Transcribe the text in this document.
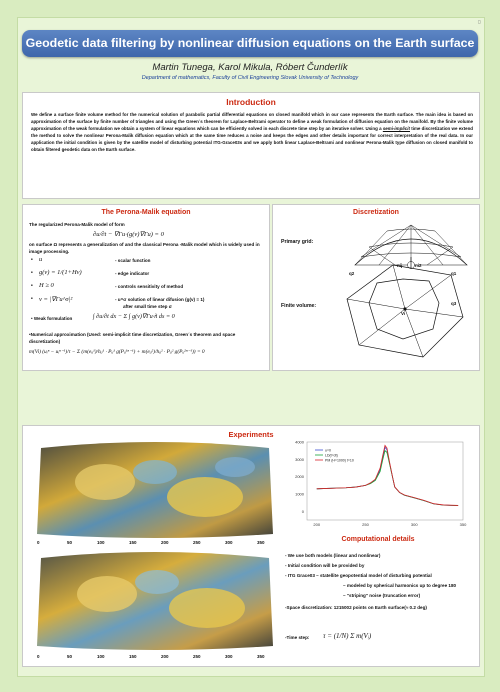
◻
Geodetic data filtering by nonlinear diffusion equations on the Earth surface
Martin Tunega, Karol Mikula, Róbert Čunderlík
Department of mathematics, Faculty of Civil Engineering Slovak University of Technology
Introduction
We define a surface finite volume method for the numerical solution of parabolic partial differential equations on closed manifold which in our case represents the Earth surface. The main idea is based on approximation of the surface by finite number of triangles and using the Green´s theorem for Laplace-Beltrami operator to define a weak formulation of diffusion equation on the manifold. By the finite volume approximation of the weak formulation we obtain a system of linear equations which can be efficiently solved in each discrete time step by an iterative solver. Using a semi-implicit time discretization we extend the method to solve the nonlinear Perona-Malik diffusion equation which at the same time reduces a noise and keeps the edges and other details important for correct interpretation of the real data. In our application the initial condition is given by the satellite model of disturbing potential ITG-Grace03s and we apply both linear Laplace-Beltrami and nonlinear Perona-Malik type diffusion on closed manifold to obtain filtered geodetic data on the Earth surface.
The Perona-Malik equation
The regularized Perona-Malik model of form
∂u/∂t − ∇Γu·(g(v)∇Γu) = 0
on surface Ω represents a generalization of and the classical Perona -Malik model which is widely used in image processing.
• u	- scalar function
• g(v) = 1/(1+Hv)	- edge indicator
• H ≥ 0	- controls sensitivity of method
• v = |∇Γu^σ|²	- u^σ solution of linear difusion (g(v) ≡ 1)
after small time step σ
• Weak formulation	∫ ∂u/∂t dx − Σ ∫ g(v)∇Γu·ñ ds = 0
•Numerical approximation (Used: semi-implicit time discretization, Green´s theorem and space discretization)
m(Vi) (uᵢⁿ − uᵢⁿ⁻¹)/τ − Σ (m(eᵢⱼ¹)/hᵢⱼ¹ · Pᵢⱼ¹ g(Pᵢⱼ¹ⁿ⁻¹) + m(eᵢⱼ²)/hᵢⱼ² · Pᵢⱼ² g(Pᵢⱼ²ⁿ⁻¹)) = 0
Discretization
Primary grid:
Finite volume:
q2	q1
Vi
nij	ni2
q3
Experiments
0	50	100	150	200	250	300	350
0	50	100	150	200	250	300	350
4000
3000
2000
1000
0
200	250	300	350
u=0
LD(t=dt)
PM (H=1000) t=10
Computational details
- We use both models (linear and nonlinear)
- Initial condition will be provided by
- ITG Grace03 – statellite geopotential model of disturbing potential
– modeled by spherical harmonics up to degree 180
– "striping" noise (truncation error)
-Space discretization: 1215002 points on Earth surface(≈ 0.2 deg)
-Time step: τ = (1/N) Σ m(Vᵢ)
